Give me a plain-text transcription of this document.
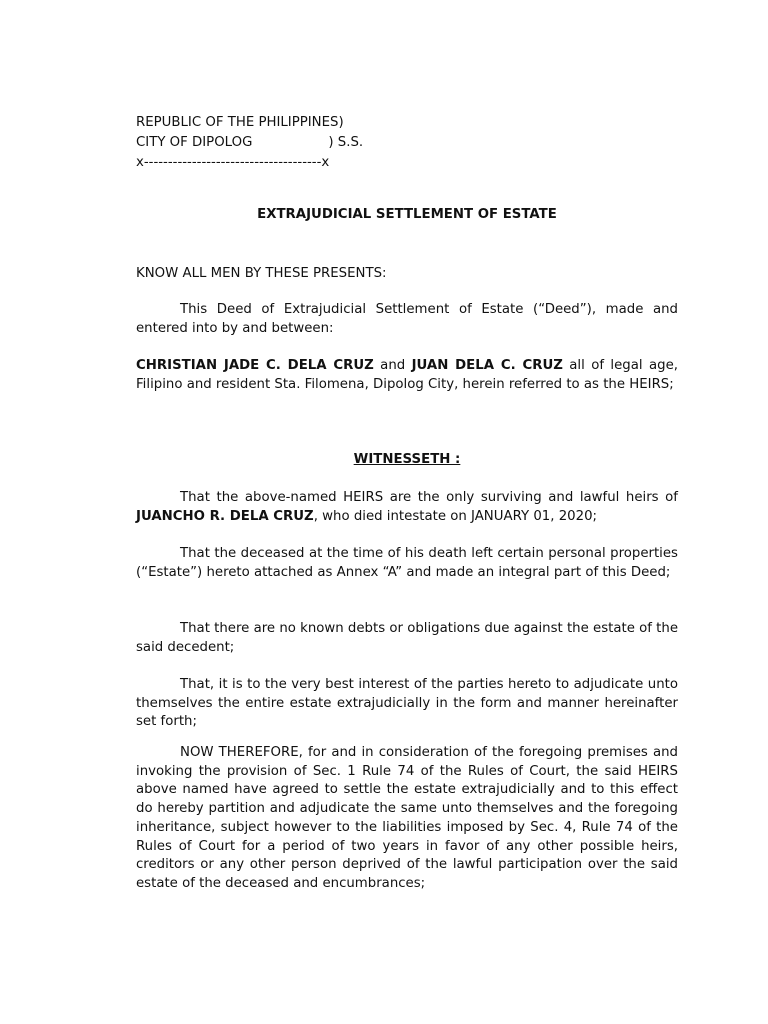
REPUBLIC OF THE PHILIPPINES)
CITY OF DIPOLOG	) S.S.
x-------------------------------------x
EXTRAJUDICIAL SETTLEMENT OF ESTATE
KNOW ALL MEN BY THESE PRESENTS:
This Deed of Extrajudicial Settlement of Estate (“Deed”), made and entered into by and between:
CHRISTIAN JADE C. DELA CRUZ and JUAN DELA C. CRUZ all of legal age, Filipino and resident Sta. Filomena, Dipolog City, herein referred to as the HEIRS;
WITNESSETH :
That the above-named HEIRS are the only surviving and lawful heirs of JUANCHO R. DELA CRUZ, who died intestate on JANUARY 01, 2020;
That the deceased at the time of his death left certain personal properties (“Estate”) hereto attached as Annex “A” and made an integral part of this Deed;
That there are no known debts or obligations due against the estate of the said decedent;
That, it is to the very best interest of the parties hereto to adjudicate unto themselves the entire estate extrajudicially in the form and manner hereinafter set forth;
NOW THEREFORE, for and in consideration of the foregoing premises and invoking the provision of Sec. 1 Rule 74 of the Rules of Court, the said HEIRS above named have agreed to settle the estate extrajudicially and to this effect do hereby partition and adjudicate the same unto themselves and the foregoing inheritance, subject however to the liabilities imposed by Sec. 4, Rule 74 of the Rules of Court for a period of two years in favor of any other possible heirs, creditors or any other person deprived of the lawful participation over the said estate of the deceased and encumbrances;
